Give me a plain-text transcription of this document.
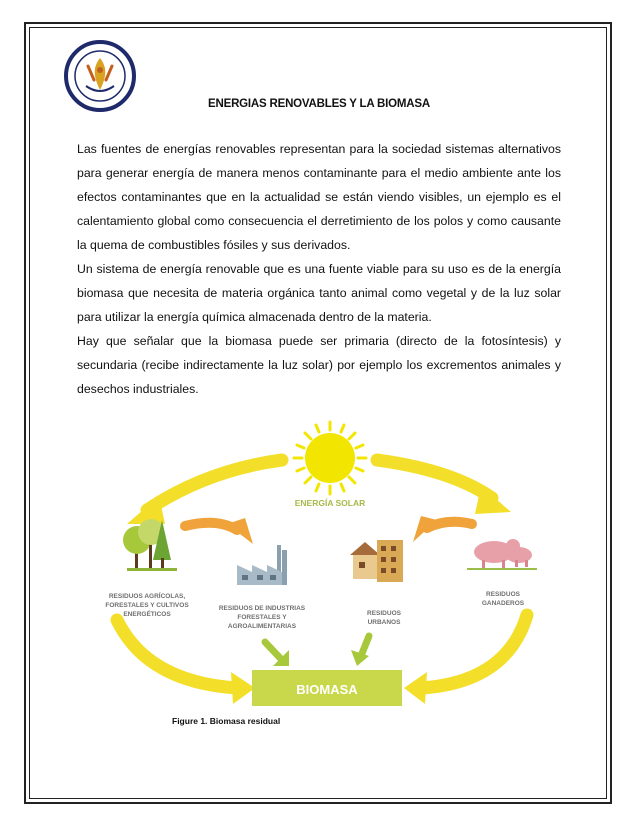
ENERGIAS RENOVABLES Y LA BIOMASA

Las fuentes de energías renovables representan para la sociedad sistemas alternativos para generar energía de manera menos contaminante para el medio ambiente ante los efectos contaminantes que en la actualidad se están viendo visibles, un ejemplo es el calentamiento global como consecuencia el derretimiento de los polos y como causante la quema de combustibles fósiles y sus derivados.

Un sistema de energía renovable que es una fuente viable para su uso es de la energía biomasa que necesita de materia orgánica tanto animal como vegetal y de la luz solar para utilizar la energía química almacenada dentro de la materia.

Hay que señalar que la biomasa puede ser primaria (directo de la fotosíntesis) y secundaria (recibe indirectamente la luz solar) por ejemplo los excrementos animales y desechos industriales.

ENERGÍA SOLAR
RESIDUOS AGRÍCOLAS,
FORESTALES Y CULTIVOS
ENERGÉTICOS
RESIDUOS DE INDUSTRIAS
FORESTALES Y
AGROALIMENTARIAS
RESIDUOS
URBANOS
RESIDUOS
GANADEROS
BIOMASA
Figure 1. Biomasa residual
